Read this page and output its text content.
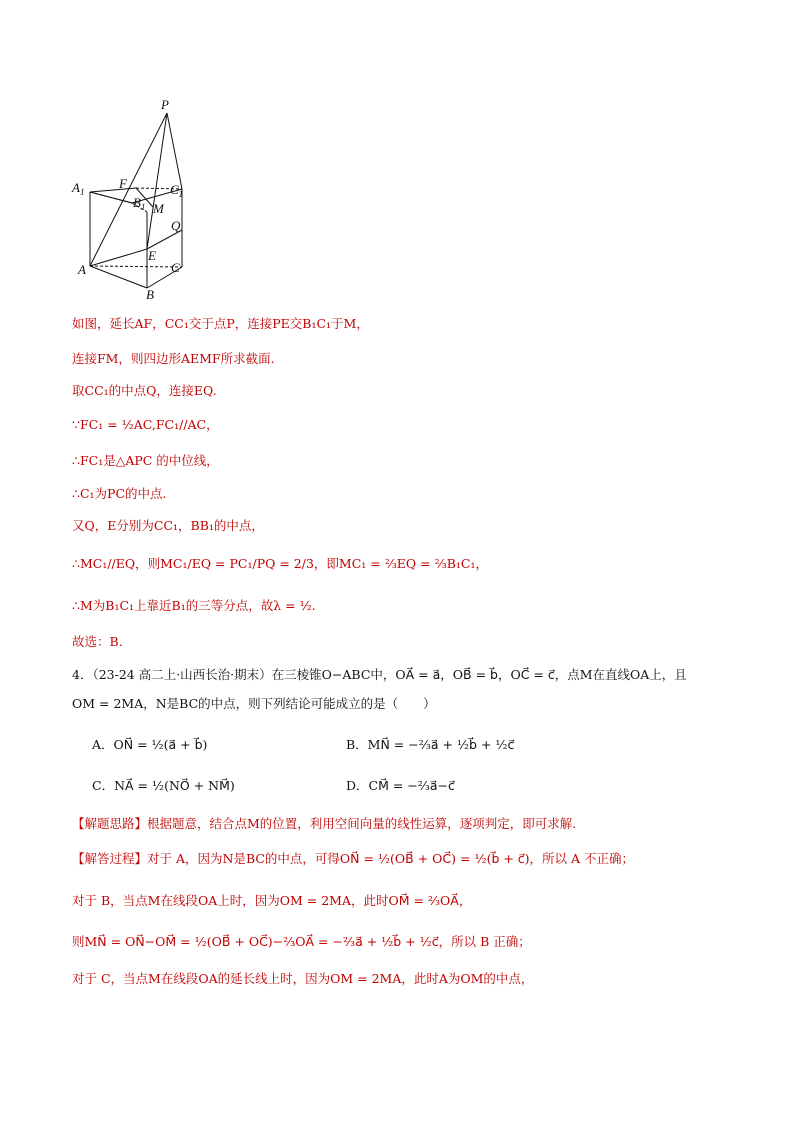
P
$A_1$
F	$C_1$
$B_1$ M
Q
E
A	C
B
如图，延长AF，CC₁交于点P，连接PE交B₁C₁于M，
连接FM，则四边形AEMF所求截面.
取CC₁的中点Q，连接EQ.
∵FC₁ = ½AC,FC₁//AC，
∴FC₁是△APC 的中位线，
∴C₁为PC的中点.
又Q，E分别为CC₁，BB₁的中点，
∴MC₁//EQ，则MC₁/EQ = PC₁/PQ = 2/3，即MC₁ = ⅔EQ = ⅔B₁C₁，
∴M为B₁C₁上靠近B₁的三等分点，故λ = ½.
故选：B.
4．（23-24 高二上·山西长治·期末）在三棱锥O−ABC中，OA⃗ = a⃗，OB⃗ = b⃗，OC⃗ = c⃗，点M在直线OA上，且
OM = 2MA，N是BC的中点，则下列结论可能成立的是（　　）
A．ON⃗ = ½(a⃗ + b⃗)	B．MN⃗ = −⅔a⃗ + ½b⃗ + ½c⃗
C．NA⃗ = ½(NO⃗ + NM⃗)	D．CM⃗ = −⅔a⃗−c⃗
【解题思路】根据题意，结合点M的位置，利用空间向量的线性运算，逐项判定，即可求解.
【解答过程】对于 A，因为N是BC的中点，可得ON⃗ = ½(OB⃗ + OC⃗) = ½(b⃗ + c⃗)，所以 A 不正确；
对于 B，当点M在线段OA上时，因为OM = 2MA，此时OM⃗ = ⅔OA⃗，
则MN⃗ = ON⃗−OM⃗ = ½(OB⃗ + OC⃗)−⅔OA⃗ = −⅔a⃗ + ½b⃗ + ½c⃗，所以 B 正确；
对于 C，当点M在线段OA的延长线上时，因为OM = 2MA，此时A为OM的中点，
